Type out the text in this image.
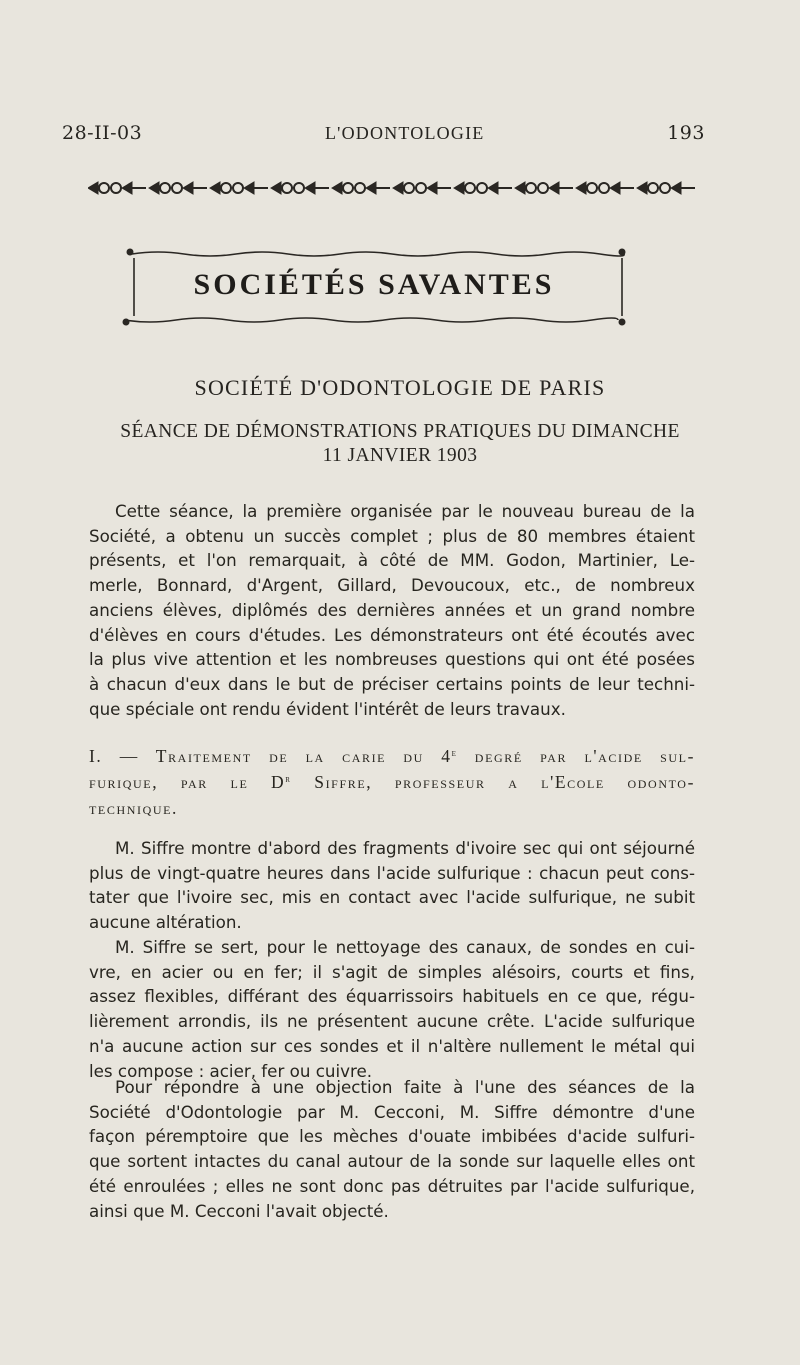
28-II-03	L'ODONTOLOGIE	193
SOCIÉTÉS SAVANTES
SOCIÉTÉ D'ODONTOLOGIE DE PARIS
SÉANCE DE DÉMONSTRATIONS PRATIQUES DU DIMANCHE
11 JANVIER 1903
Cette séance, la première organisée par le nouveau bureau de la
Société, a obtenu un succès complet ; plus de 80 membres étaient
présents, et l'on remarquait, à côté de MM. Godon, Martinier, Le-
merle, Bonnard, d'Argent, Gillard, Devoucoux, etc., de nombreux
anciens élèves, diplômés des dernières années et un grand nombre
d'élèves en cours d'études. Les démonstrateurs ont été écoutés avec
la plus vive attention et les nombreuses questions qui ont été posées
à chacun d'eux dans le but de préciser certains points de leur techni-
que spéciale ont rendu évident l'intérêt de leurs travaux.
I. — Traitement de la carie du 4e degré par l'acide sul-
furique, par le $D^r$ Siffre, professeur a l'Ecole odonto-
technique.
M. Siffre montre d'abord des fragments d'ivoire sec qui ont séjourné
plus de vingt-quatre heures dans l'acide sulfurique : chacun peut cons-
tater que l'ivoire sec, mis en contact avec l'acide sulfurique, ne subit
aucune altération.
M. Siffre se sert, pour le nettoyage des canaux, de sondes en cui-
vre, en acier ou en fer; il s'agit de simples alésoirs, courts et fins,
assez flexibles, différant des équarrissoirs habituels en ce que, régu-
lièrement arrondis, ils ne présentent aucune crête. L'acide sulfurique
n'a aucune action sur ces sondes et il n'altère nullement le métal qui
les compose : acier, fer ou cuivre.
Pour répondre à une objection faite à l'une des séances de la
Société d'Odontologie par M. Cecconi, M. Siffre démontre d'une
façon péremptoire que les mèches d'ouate imbibées d'acide sulfuri-
que sortent intactes du canal autour de la sonde sur laquelle elles ont
été enroulées ; elles ne sont donc pas détruites par l'acide sulfurique,
ainsi que M. Cecconi l'avait objecté.
